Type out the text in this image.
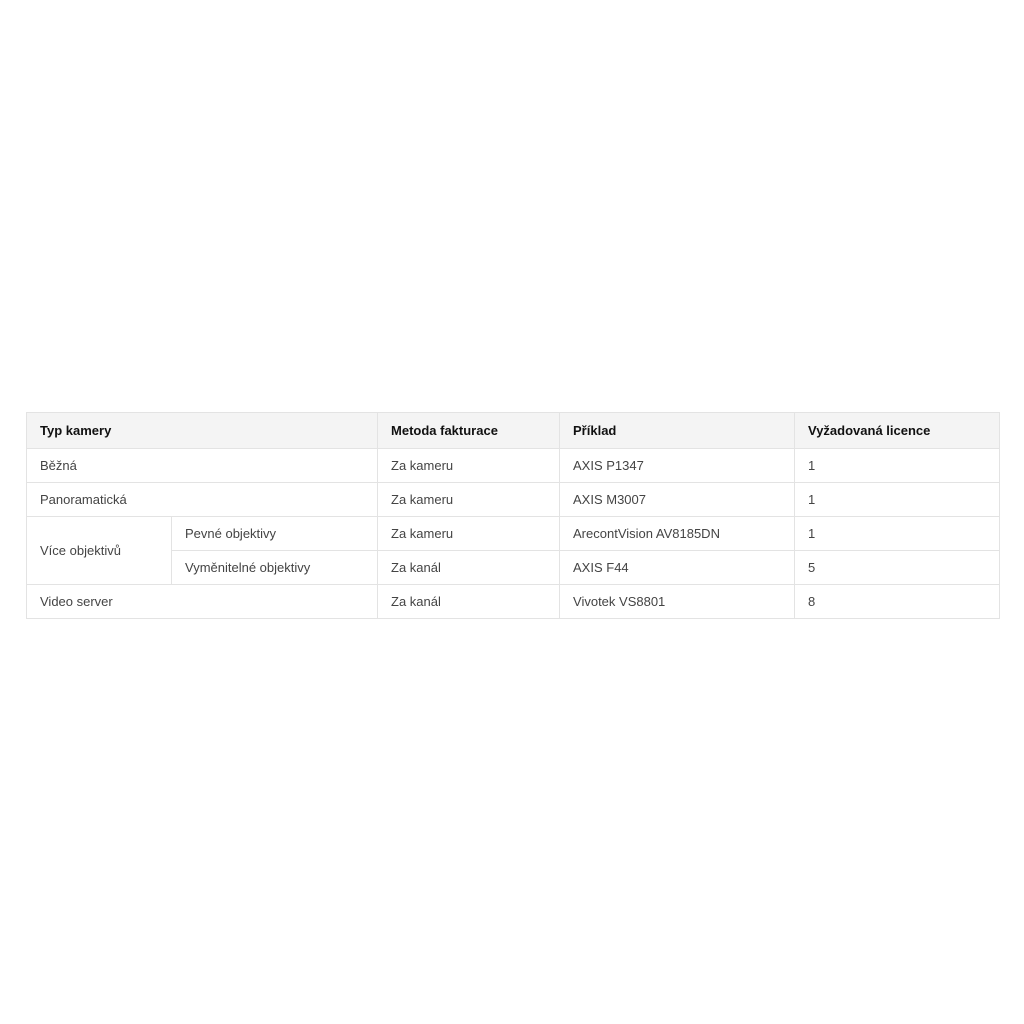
Typ kamery		Metoda fakturace	Příklad	Vyžadovaná licence
Běžná		Za kameru	AXIS P1347	1
Panoramatická		Za kameru	AXIS M3007	1
Více objektivů	Pevné objektivy	Za kameru	ArecontVision AV8185DN	1
	Vyměnitelné objektivy	Za kanál	AXIS F44	5
Video server		Za kanál	Vivotek VS8801	8
